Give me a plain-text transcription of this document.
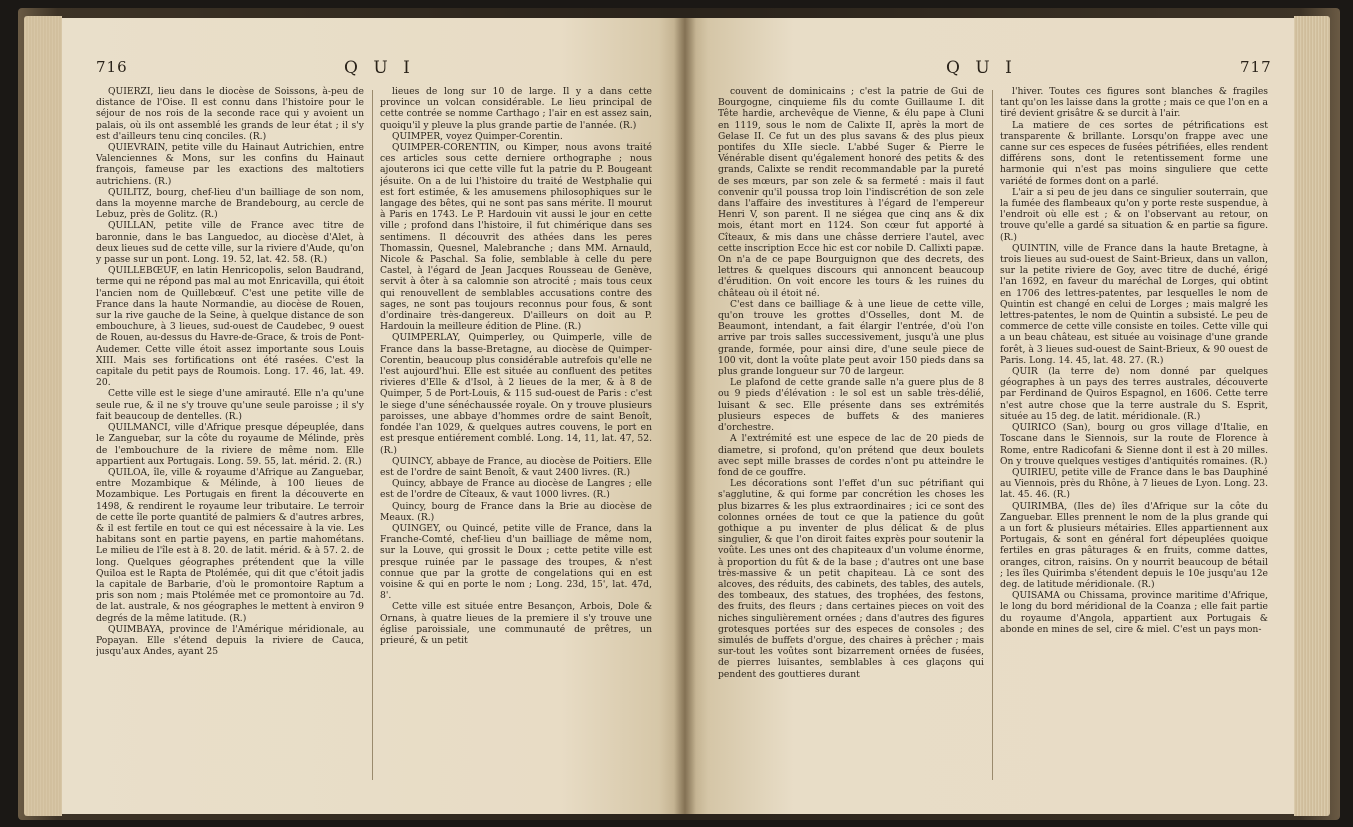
716	Q U I

QUIERZI, lieu dans le diocèse de Soissons, à-peu de distance de l'Oise. Il est connu dans l'histoire pour le séjour de nos rois de la seconde race qui y avoient un palais, où ils ont assemblé les grands de leur état ; il s'y est d'ailleurs tenu cinq conciles. (R.)

QUIEVRAIN, petite ville du Hainaut Autrichien, entre Valenciennes & Mons, sur les confins du Hainaut françois, fameuse par les exactions des maltotiers autrichiens. (R.)

QUILITZ, bourg, chef-lieu d'un bailliage de son nom, dans la moyenne marche de Brandebourg, au cercle de Lebuz, près de Golitz. (R.)

QUILLAN, petite ville de France avec titre de baronnie, dans le bas Languedoc, au diocèse d'Alet, à deux lieues sud de cette ville, sur la riviere d'Aude, qu'on y passe sur un pont. Long. 19. 52, lat. 42. 58. (R.)

QUILLEBŒUF, en latin Henricopolis, selon Baudrand, terme qui ne répond pas mal au mot Enricavilla, qui étoit l'ancien nom de Quillebœuf. C'est une petite ville de France dans la haute Normandie, au diocèse de Rouen, sur la rive gauche de la Seine, à quelque distance de son embouchure, à 3 lieues, sud-ouest de Caudebec, 9 ouest de Rouen, au-dessus du Havre-de-Grace, & trois de Pont-Audemer. Cette ville étoit assez importante sous Louis XIII. Mais ses fortifications ont été rasées. C'est la capitale du petit pays de Roumois. Long. 17. 46, lat. 49. 20.

Cette ville est le siege d'une amirauté. Elle n'a qu'une seule rue, & il ne s'y trouve qu'une seule paroisse ; il s'y fait beaucoup de dentelles. (R.)

QUILMANCI, ville d'Afrique presque dépeuplée, dans le Zanguebar, sur la côte du royaume de Mélinde, près de l'embouchure de la riviere de même nom. Elle appartient aux Portugais. Long. 59. 55, lat. mérid. 2. (R.)

QUILOA, île, ville & royaume d'Afrique au Zanguebar, entre Mozambique & Mélinde, à 100 lieues de Mozambique. Les Portugais en firent la découverte en 1498, & rendirent le royaume leur tributaire. Le terroir de cette île porte quantité de palmiers & d'autres arbres, & il est fertile en tout ce qui est nécessaire à la vie. Les habitans sont en partie payens, en partie mahométans. Le milieu de l'île est à 8. 20. de latit. mérid. & à 57. 2. de long. Quelques géographes prétendent que la ville Quiloa est le Rapta de Ptolémée, qui dit que c'étoit jadis la capitale de Barbarie, d'où le promontoire Raptum a pris son nom ; mais Ptolémée met ce promontoire au 7d. de lat. australe, & nos géographes le mettent à environ 9 degrés de la même latitude. (R.)

QUIMBAYA, province de l'Amérique méridionale, au Popayan. Elle s'étend depuis la riviere de Cauca, jusqu'aux Andes, ayant 25

lieues de long sur 10 de large. Il y a dans cette province un volcan considérable. Le lieu principal de cette contrée se nomme Carthago ; l'air en est assez sain, quoiqu'il y pleuve la plus grande partie de l'année. (R.)

QUIMPER, voyez Quimper-Corentin.

QUIMPER-CORENTIN, ou Kimper, nous avons traité ces articles sous cette derniere orthographe ; nous ajouterons ici que cette ville fut la patrie du P. Bougeant jésuite. On a de lui l'histoire du traité de Westphalie qui est fort estimée, & les amusemens philosophiques sur le langage des bêtes, qui ne sont pas sans mérite. Il mourut à Paris en 1743. Le P. Hardouin vit aussi le jour en cette ville ; profond dans l'histoire, il fut chimérique dans ses sentimens. Il découvrit des athées dans les peres Thomassin, Quesnel, Malebranche ; dans MM. Arnauld, Nicole & Paschal. Sa folie, semblable à celle du pere Castel, à l'égard de Jean Jacques Rousseau de Genève, servit à ôter à sa calomnie son atrocité ; mais tous ceux qui renouvellent de semblables accusations contre des sages, ne sont pas toujours reconnus pour fous, & sont d'ordinaire très-dangereux. D'ailleurs on doit au P. Hardouin la meilleure édition de Pline. (R.)

QUIMPERLAY, Quimperley, ou Quimperle, ville de France dans la basse-Bretagne, au diocèse de Quimper-Corentin, beaucoup plus considérable autrefois qu'elle ne l'est aujourd'hui. Elle est située au confluent des petites rivieres d'Elle & d'Isol, à 2 lieues de la mer, & à 8 de Quimper, 5 de Port-Louis, & 115 sud-ouest de Paris : c'est le siege d'une sénéchaussée royale. On y trouve plusieurs paroisses, une abbaye d'hommes ordre de saint Benoît, fondée l'an 1029, & quelques autres couvens, le port en est presque entiérement comblé. Long. 14, 11, lat. 47, 52. (R.)

QUINCY, abbaye de France, au diocèse de Poitiers. Elle est de l'ordre de saint Benoît, & vaut 2400 livres. (R.)

Quincy, abbaye de France au diocèse de Langres ; elle est de l'ordre de Cîteaux, & vaut 1000 livres. (R.)

Quincy, bourg de France dans la Brie au diocèse de Meaux. (R.)

QUINGEY, ou Quincé, petite ville de France, dans la Franche-Comté, chef-lieu d'un bailliage de même nom, sur la Louve, qui grossit le Doux ; cette petite ville est presque ruinée par le passage des troupes, & n'est connue que par la grotte de congelations qui en est voisine & qui en porte le nom ; Long. 23d, 15', lat. 47d, 8'.

Cette ville est située entre Besançon, Arbois, Dole & Ornans, à quatre lieues de la premiere il s'y trouve une église paroissiale, une communauté de prêtres, un prieuré, & un petit

Q U I	717

couvent de dominicains ; c'est la patrie de Gui de Bourgogne, cinquieme fils du comte Guillaume I. dit Tête hardie, archevêque de Vienne, & élu pape à Cluni en 1119, sous le nom de Calixte II, après la mort de Gelase II. Ce fut un des plus savans & des plus pieux pontifes du XIIe siecle. L'abbé Suger & Pierre le Vénérable disent qu'également honoré des petits & des grands, Calixte se rendit recommandable par la pureté de ses mœurs, par son zele & sa fermeté : mais il faut convenir qu'il poussa trop loin l'indiscrétion de son zele dans l'affaire des investitures à l'égard de l'empereur Henri V, son parent. Il ne siégea que cinq ans & dix mois, étant mort en 1124. Son cœur fut apporté à Cîteaux, & mis dans une châsse derriere l'autel, avec cette inscription Ecce hic est cor nobile D. Callixti papæ. On n'a de ce pape Bourguignon que des decrets, des lettres & quelques discours qui annoncent beaucoup d'érudition. On voit encore les tours & les ruines du château où il étoit né.

C'est dans ce bailliage & à une lieue de cette ville, qu'on trouve les grottes d'Osselles, dont M. de Beaumont, intendant, a fait élargir l'entrée, d'où l'on arrive par trois salles successivement, jusqu'à une plus grande, formée, pour ainsi dire, d'une seule piece de 100 vit, dont la voûte plate peut avoir 150 pieds dans sa plus grande longueur sur 70 de largeur.

Le plafond de cette grande salle n'a guere plus de 8 ou 9 pieds d'élévation : le sol est un sable très-délié, luisant & sec. Elle présente dans ses extrémités plusieurs especes de buffets & des manieres d'orchestre.

A l'extrémité est une espece de lac de 20 pieds de diametre, si profond, qu'on prétend que deux boulets avec sept mille brasses de cordes n'ont pu atteindre le fond de ce gouffre.

Les décorations sont l'effet d'un suc pétrifiant qui s'agglutine, & qui forme par concrétion les choses les plus bizarres & les plus extraordinaires ; ici ce sont des colonnes ornées de tout ce que la patience du goût gothique a pu inventer de plus délicat & de plus singulier, & que l'on diroit faites exprès pour soutenir la voûte. Les unes ont des chapiteaux d'un volume énorme, à proportion du fût & de la base ; d'autres ont une base très-massive & un petit chapiteau. Là ce sont des alcoves, des réduits, des cabinets, des tables, des autels, des tombeaux, des statues, des trophées, des festons, des fruits, des fleurs ; dans certaines pieces on voit des niches singulièrement ornées ; dans d'autres des figures grotesques portées sur des especes de consoles ; des simulés de buffets d'orgue, des chaires à prêcher ; mais sur-tout les voûtes sont bizarrement ornées de fusées, de pierres luisantes, semblables à ces glaçons qui pendent des gouttieres durant

l'hiver. Toutes ces figures sont blanches & fragiles tant qu'on les laisse dans la grotte ; mais ce que l'on en a tiré devient grisâtre & se durcit à l'air.

La matiere de ces sortes de pétrifications est transparente & brillante. Lorsqu'on frappe avec une canne sur ces especes de fusées pétrifiées, elles rendent différens sons, dont le retentissement forme une harmonie qui n'est pas moins singuliere que cette variété de formes dont on a parlé.

L'air a si peu de jeu dans ce singulier souterrain, que la fumée des flambeaux qu'on y porte reste suspendue, à l'endroit où elle est ; & on l'observant au retour, on trouve qu'elle a gardé sa situation & en partie sa figure. (R.)

QUINTIN, ville de France dans la haute Bretagne, à trois lieues au sud-ouest de Saint-Brieux, dans un vallon, sur la petite riviere de Goy, avec titre de duché, érigé l'an 1692, en faveur du maréchal de Lorges, qui obtint en 1706 des lettres-patentes, par lesquelles le nom de Quintin est changé en celui de Lorges ; mais malgré les lettres-patentes, le nom de Quintin a subsisté. Le peu de commerce de cette ville consiste en toiles. Cette ville qui a un beau château, est située au voisinage d'une grande forêt, à 3 lieues sud-ouest de Saint-Brieux, & 90 ouest de Paris. Long. 14. 45, lat. 48. 27. (R.)

QUIR (la terre de) nom donné par quelques géographes à un pays des terres australes, découverte par Ferdinand de Quiros Espagnol, en 1606. Cette terre n'est autre chose que la terre australe du S. Esprit, située au 15 deg. de latit. méridionale. (R.)

QUIRICO (San), bourg ou gros village d'Italie, en Toscane dans le Siennois, sur la route de Florence à Rome, entre Radicofani & Sienne dont il est à 20 milles. On y trouve quelques vestiges d'antiquités romaines. (R.)

QUIRIEU, petite ville de France dans le bas Dauphiné au Viennois, près du Rhône, à 7 lieues de Lyon. Long. 23. lat. 45. 46. (R.)

QUIRIMBA, (Iles de) îles d'Afrique sur la côte du Zanguebar. Elles prennent le nom de la plus grande qui a un fort & plusieurs métairies. Elles appartiennent aux Portugais, & sont en général fort dépeuplées quoique fertiles en gras pâturages & en fruits, comme dattes, oranges, citron, raisins. On y nourrit beaucoup de bétail ; les îles Quirimba s'étendent depuis le 10e jusqu'au 12e deg. de latitude méridionale. (R.)

QUISAMA ou Chissama, province maritime d'Afrique, le long du bord méridional de la Coanza ; elle fait partie du royaume d'Angola, appartient aux Portugais & abonde en mines de sel, cire & miel. C'est un pays mon-
